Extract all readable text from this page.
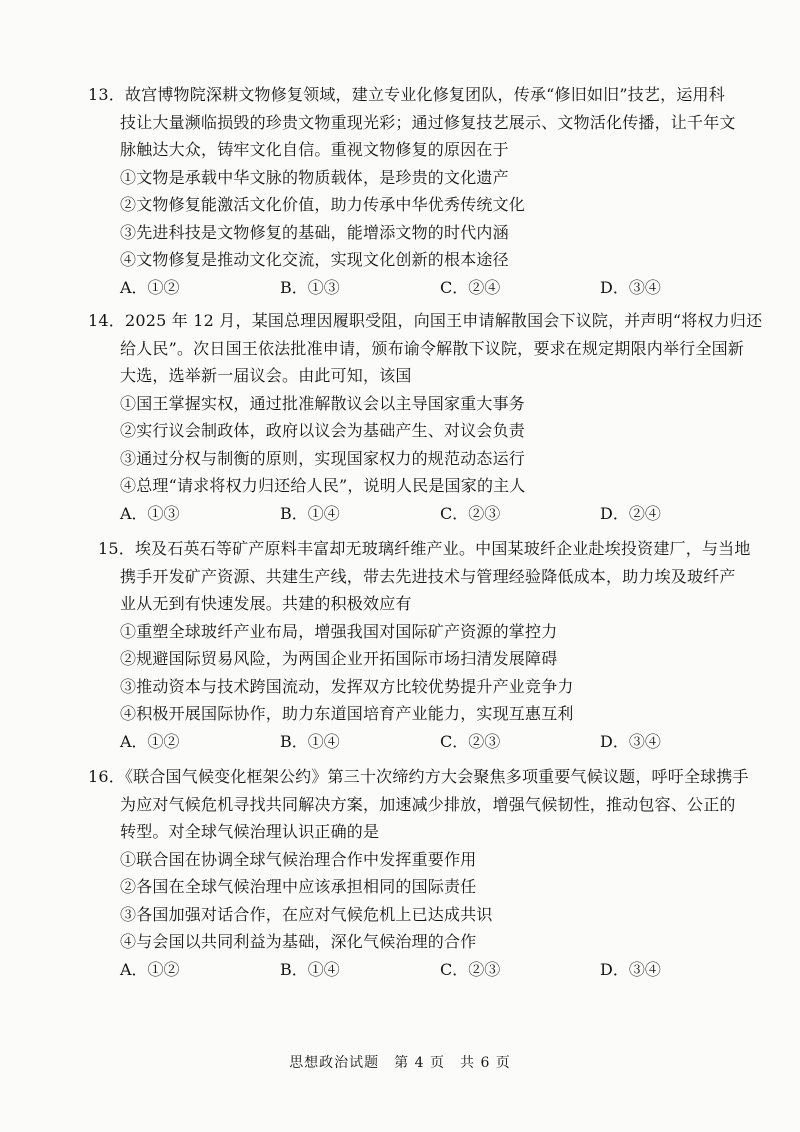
13．故宫博物院深耕文物修复领域，建立专业化修复团队，传承“修旧如旧”技艺，运用科
技让大量濒临损毁的珍贵文物重现光彩；通过修复技艺展示、文物活化传播，让千年文
脉触达大众，铸牢文化自信。重视文物修复的原因在于
①文物是承载中华文脉的物质载体，是珍贵的文化遗产
②文物修复能激活文化价值，助力传承中华优秀传统文化
③先进科技是文物修复的基础，能增添文物的时代内涵
④文物修复是推动文化交流，实现文化创新的根本途径
A．①②	B．①③	C．②④	D．③④
14．2025 年 12 月，某国总理因履职受阻，向国王申请解散国会下议院，并声明“将权力归还
给人民”。次日国王依法批准申请，颁布谕令解散下议院，要求在规定期限内举行全国新
大选，选举新一届议会。由此可知，该国
①国王掌握实权，通过批准解散议会以主导国家重大事务
②实行议会制政体，政府以议会为基础产生、对议会负责
③通过分权与制衡的原则，实现国家权力的规范动态运行
④总理“请求将权力归还给人民”，说明人民是国家的主人
A．①③	B．①④	C．②③	D．②④
15．埃及石英石等矿产原料丰富却无玻璃纤维产业。中国某玻纤企业赴埃投资建厂，与当地
携手开发矿产资源、共建生产线，带去先进技术与管理经验降低成本，助力埃及玻纤产
业从无到有快速发展。共建的积极效应有
①重塑全球玻纤产业布局，增强我国对国际矿产资源的掌控力
②规避国际贸易风险，为两国企业开拓国际市场扫清发展障碍
③推动资本与技术跨国流动，发挥双方比较优势提升产业竞争力
④积极开展国际协作，助力东道国培育产业能力，实现互惠互利
A．①②	B．①④	C．②③	D．③④
16．《联合国气候变化框架公约》第三十次缔约方大会聚焦多项重要气候议题，呼吁全球携手
为应对气候危机寻找共同解决方案，加速减少排放，增强气候韧性，推动包容、公正的
转型。对全球气候治理认识正确的是
①联合国在协调全球气候治理合作中发挥重要作用
②各国在全球气候治理中应该承担相同的国际责任
③各国加强对话合作，在应对气候危机上已达成共识
④与会国以共同利益为基础，深化气候治理的合作
A．①②	B．①④	C．②③	D．③④
思想政治试题　第 4 页　共 6 页
